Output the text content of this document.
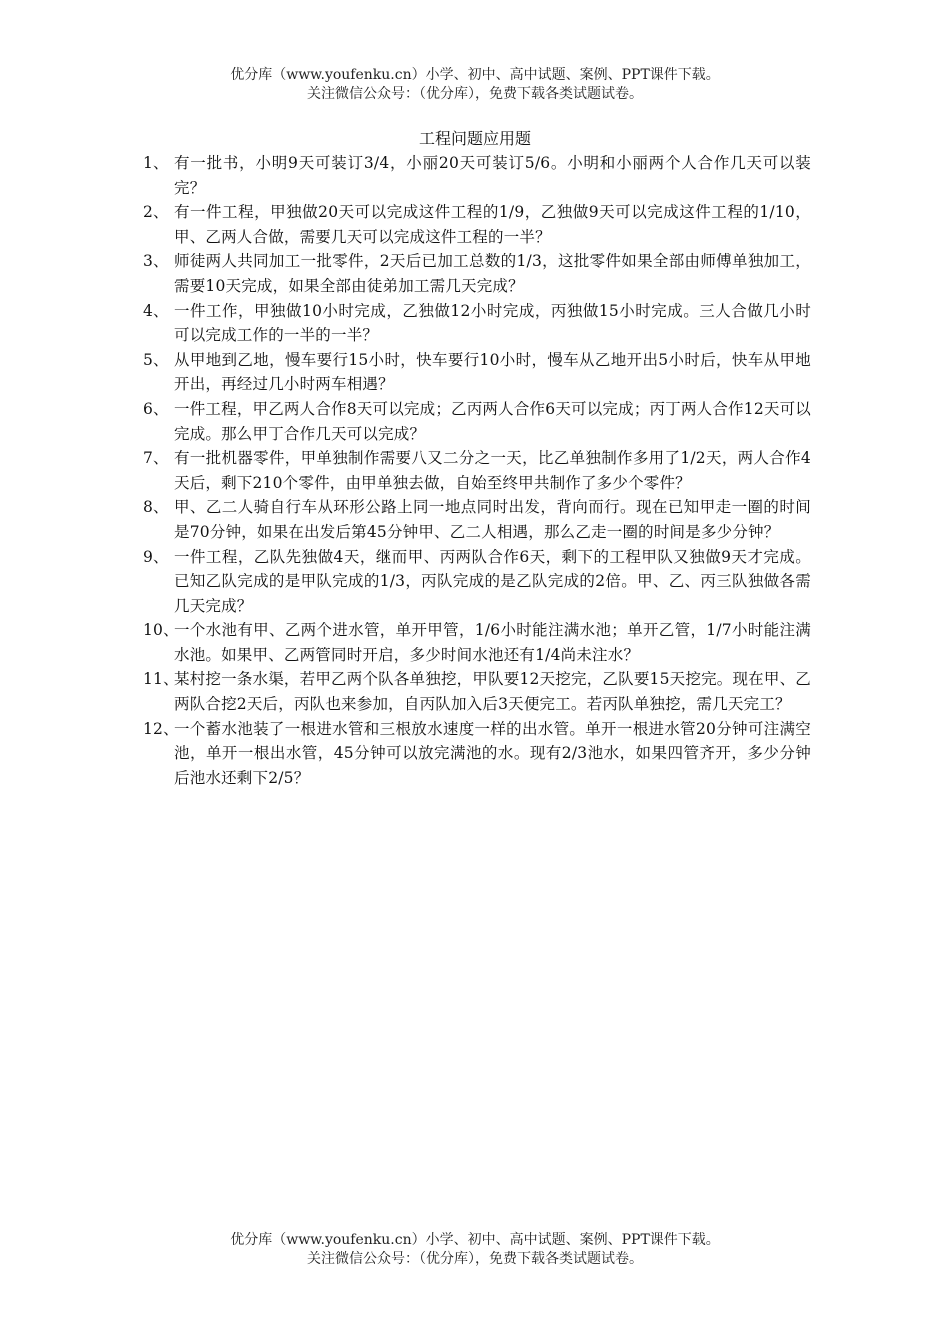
优分库（www.youfenku.cn）小学、初中、高中试题、案例、PPT课件下载。
关注微信公众号：（优分库），免费下载各类试题试卷。
工程问题应用题
1、 有一批书，小明9天可装订3/4，小丽20天可装订5/6。小明和小丽两个人合作几天可以装完？
2、 有一件工程，甲独做20天可以完成这件工程的1/9，乙独做9天可以完成这件工程的1/10，甲、乙两人合做，需要几天可以完成这件工程的一半？
3、 师徒两人共同加工一批零件，2天后已加工总数的1/3，这批零件如果全部由师傅单独加工，需要10天完成，如果全部由徒弟加工需几天完成？
4、 一件工作，甲独做10小时完成，乙独做12小时完成，丙独做15小时完成。三人合做几小时可以完成工作的一半的一半？
5、 从甲地到乙地，慢车要行15小时，快车要行10小时，慢车从乙地开出5小时后，快车从甲地开出，再经过几小时两车相遇？
6、 一件工程，甲乙两人合作8天可以完成；乙丙两人合作6天可以完成；丙丁两人合作12天可以完成。那么甲丁合作几天可以完成？
7、 有一批机器零件，甲单独制作需要八又二分之一天，比乙单独制作多用了1/2天，两人合作4天后，剩下210个零件，由甲单独去做，自始至终甲共制作了多少个零件？
8、 甲、乙二人骑自行车从环形公路上同一地点同时出发，背向而行。现在已知甲走一圈的时间是70分钟，如果在出发后第45分钟甲、乙二人相遇，那么乙走一圈的时间是多少分钟？
9、 一件工程，乙队先独做4天，继而甲、丙两队合作6天，剩下的工程甲队又独做9天才完成。已知乙队完成的是甲队完成的1/3，丙队完成的是乙队完成的2倍。甲、乙、丙三队独做各需几天完成？
10、
一个水池有甲、乙两个进水管，单开甲管，1/6小时能注满水池；单开乙管，1/7小时能注满水池。如果甲、乙两管同时开启，多少时间水池还有1/4尚未注水？
11、
某村挖一条水渠，若甲乙两个队各单独挖，甲队要12天挖完，乙队要15天挖完。现在甲、乙两队合挖2天后，丙队也来参加，自丙队加入后3天便完工。若丙队单独挖，需几天完工？
12、
一个蓄水池装了一根进水管和三根放水速度一样的出水管。单开一根进水管20分钟可注满空池，单开一根出水管，45分钟可以放完满池的水。现有2/3池水，如果四管齐开，多少分钟后池水还剩下2/5？
优分库（www.youfenku.cn）小学、初中、高中试题、案例、PPT课件下载。
关注微信公众号：（优分库），免费下载各类试题试卷。
